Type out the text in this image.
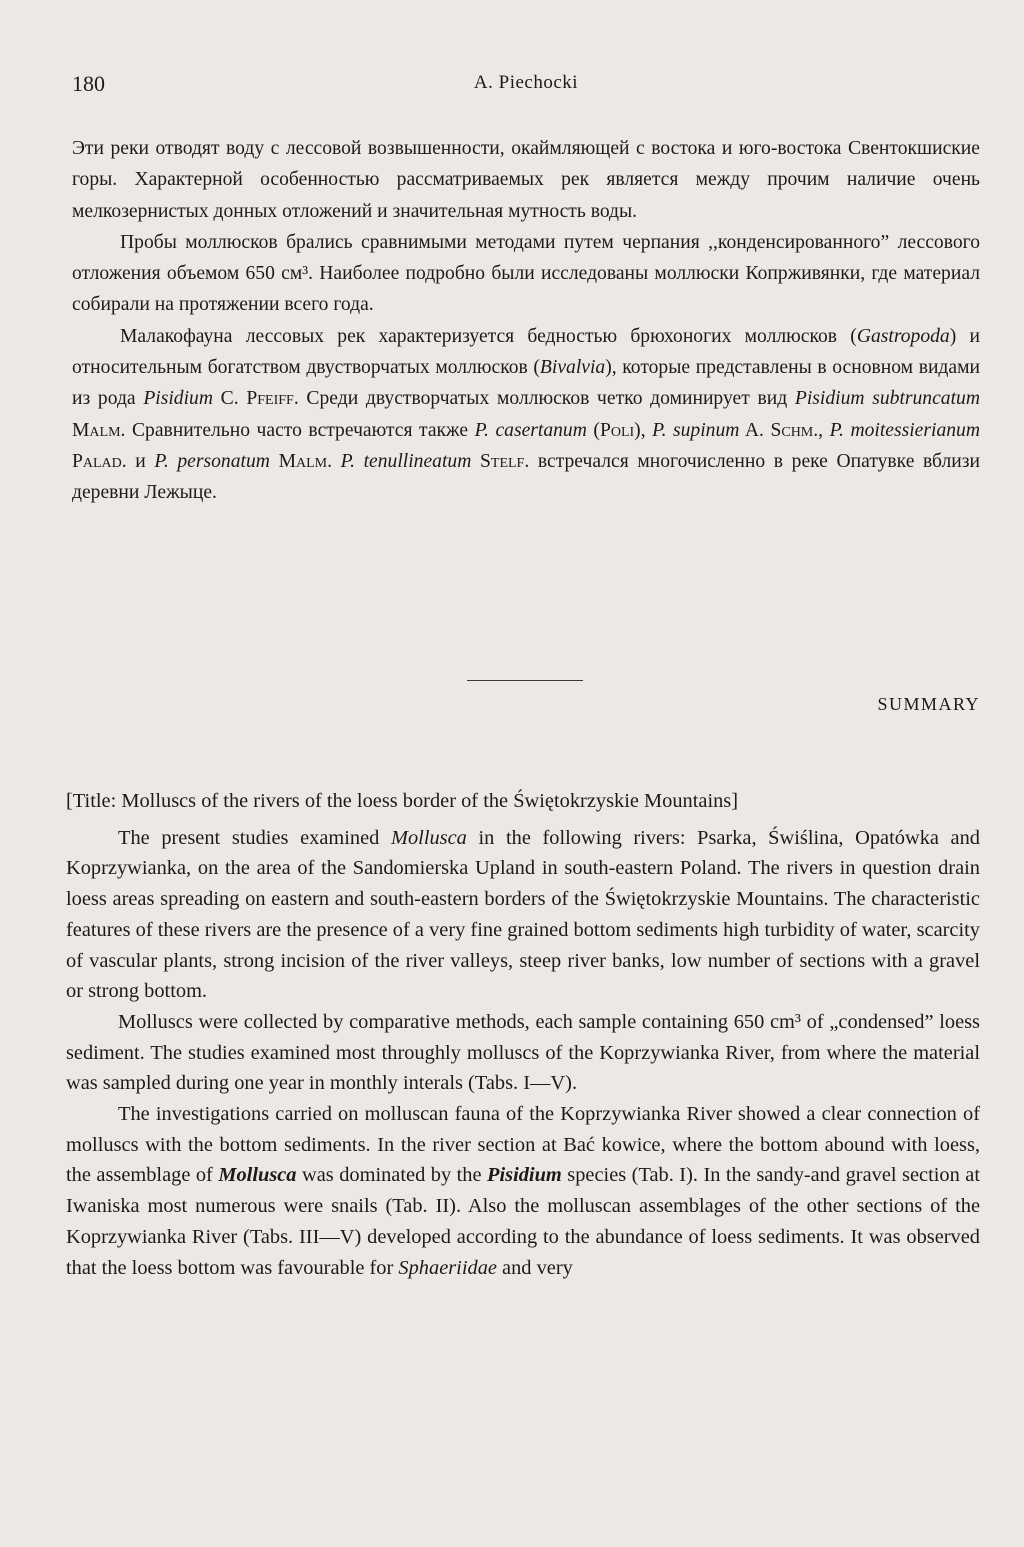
180	A. Piechocki

Эти реки отводят воду с лессовой возвышенности, окаймляющей с востока и юго-востока Свентокшиские горы. Характерной особенностью рассматриваемых рек является между прочим наличие очень мелкозернистых донных отложений и значительная мутность воды.

Пробы моллюсков брались сравнимыми методами путем черпания ,,конденсированного” лессового отложения объемом 650 см³. Наиболее подробно были исследованы моллюски Копрживянки, где материал собирали на протяжении всего года.

Малакофауна лессовых рек характеризуется бедностью брюхоногих моллюсков (Gastropoda) и относительным богатством двустворчатых моллюсков (Bivalvia), которые представлены в основном видами из рода Pisidium C. Pfeiff. Среди двустворчатых моллюсков четко доминирует вид Pisidium subtruncatum Malm. Сравнительно часто встречаются также P. casertanum (Poli), P. supinum A. Schm., P. moitessierianum Palad. и P. personatum Malm. P. tenullineatum Stelf. встречался многочисленно в реке Опатувке вблизи деревни Лежыце.

SUMMARY

[Title: Molluscs of the rivers of the loess border of the Świętokrzyskie Mountains]

The present studies examined Mollusca in the following rivers: Psarka, Świślina, Opatówka and Koprzywianka, on the area of the Sandomierska Upland in south-eastern Poland. The rivers in question drain loess areas spreading on eastern and south-eastern borders of the Świętokrzyskie Mountains. The characteristic features of these rivers are the presence of a very fine grained bottom sediments high turbidity of water, scarcity of vascular plants, strong incision of the river valleys, steep river banks, low number of sections with a gravel or strong bottom.

Molluscs were collected by comparative methods, each sample containing 650 cm³ of „condensed” loess sediment. The studies examined most throughly molluscs of the Koprzywianka River, from where the material was sampled during one year in monthly interals (Tabs. I—V).

The investigations carried on molluscan fauna of the Koprzywianka River showed a clear connection of molluscs with the bottom sediments. In the river section at Bać kowice, where the bottom abound with loess, the assemblage of Mollusca was dominated by the Pisidium species (Tab. I). In the sandy-and gravel section at Iwaniska most numerous were snails (Tab. II). Also the molluscan assemblages of the other sections of the Koprzywianka River (Tabs. III—V) developed according to the abundance of loess sediments. It was observed that the loess bottom was favourable for Sphaeriidae and very
